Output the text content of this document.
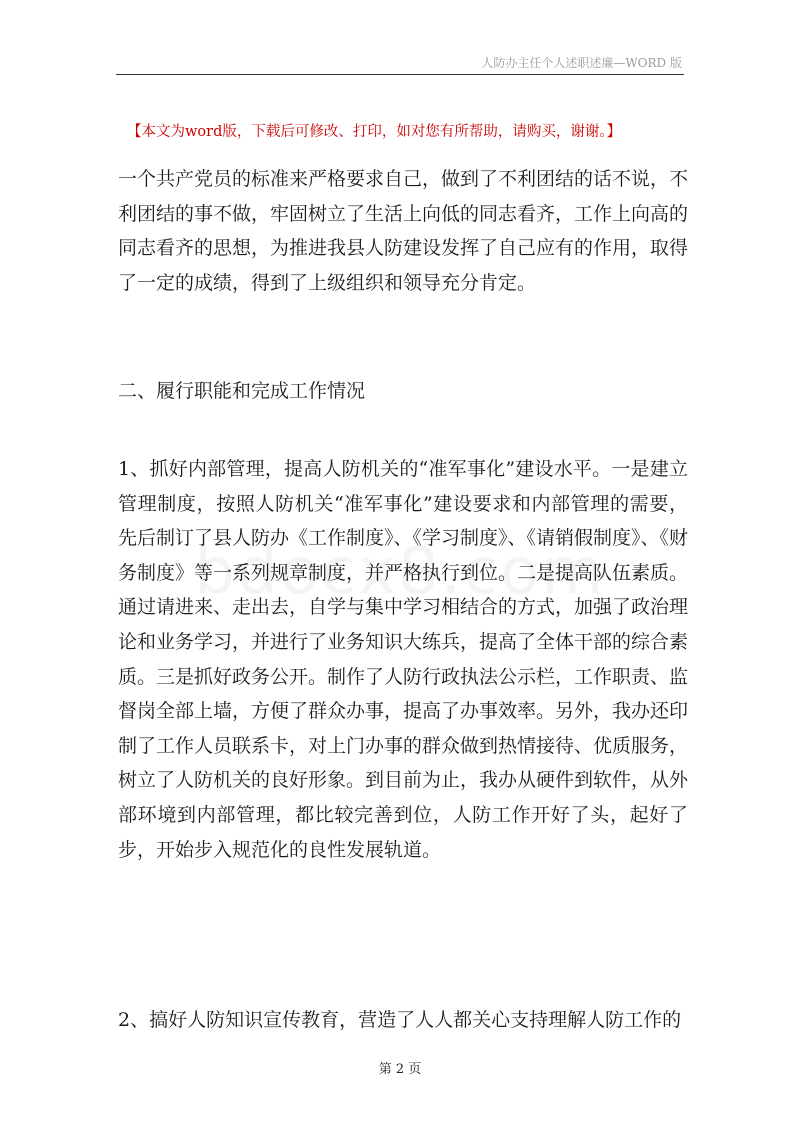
人防办主任个人述职述廉—WORD 版
【本文为word版，下载后可修改、打印，如对您有所帮助，请购买，谢谢。】

一个共产党员的标准来严格要求自己，做到了不利团结的话不说，不利团结的事不做，牢固树立了生活上向低的同志看齐，工作上向高的同志看齐的思想，为推进我县人防建设发挥了自己应有的作用，取得了一定的成绩，得到了上级组织和领导充分肯定。

二、履行职能和完成工作情况

1、抓好内部管理，提高人防机关的“准军事化”建设水平。一是建立管理制度，按照人防机关“准军事化”建设要求和内部管理的需要，先后制订了县人防办《工作制度》、《学习制度》、《请销假制度》、《财务制度》等一系列规章制度，并严格执行到位。二是提高队伍素质。通过请进来、走出去，自学与集中学习相结合的方式，加强了政治理论和业务学习，并进行了业务知识大练兵，提高了全体干部的综合素质。三是抓好政务公开。制作了人防行政执法公示栏，工作职责、监督岗全部上墙，方便了群众办事，提高了办事效率。另外，我办还印制了工作人员联系卡，对上门办事的群众做到热情接待、优质服务，树立了人防机关的良好形象。到目前为止，我办从硬件到软件，从外部环境到内部管理，都比较完善到位，人防工作开好了头，起好了步，开始步入规范化的良性发展轨道。

2、搞好人防知识宣传教育，营造了人人都关心支持理解人防工作的

第 2 页
